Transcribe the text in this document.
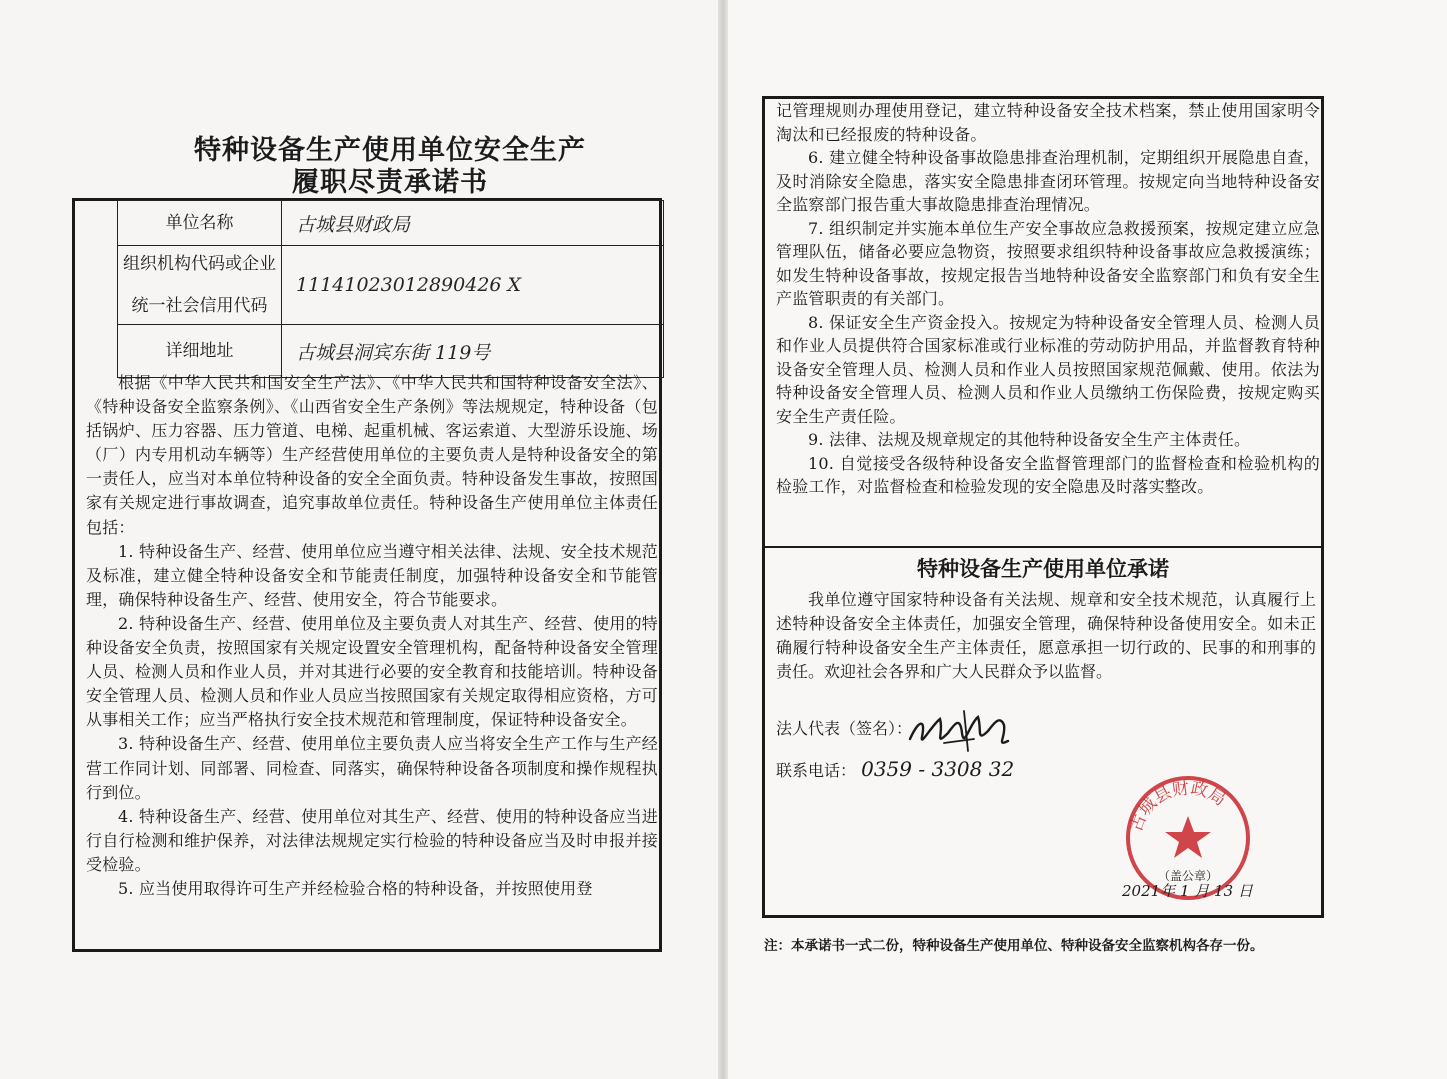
特种设备生产使用单位安全生产
履职尽责承诺书
单位名称	古城县财政局

组织机构代码或企业
统一社会信用代码	11141023012890426 X
详细地址	古城县洞宾东街 119号

根据《中华人民共和国安全生产法》、《中华人民共和国特种设备安全法》、《特种设备安全监察条例》、《山西省安全生产条例》等法规规定，特种设备（包括锅炉、压力容器、压力管道、电梯、起重机械、客运索道、大型游乐设施、场（厂）内专用机动车辆等）生产经营使用单位的主要负责人是特种设备安全的第一责任人，应当对本单位特种设备的安全全面负责。特种设备发生事故，按照国家有关规定进行事故调查，追究事故单位责任。特种设备生产使用单位主体责任包括：

1. 特种设备生产、经营、使用单位应当遵守相关法律、法规、安全技术规范及标准，建立健全特种设备安全和节能责任制度，加强特种设备安全和节能管理，确保特种设备生产、经营、使用安全，符合节能要求。

2. 特种设备生产、经营、使用单位及主要负责人对其生产、经营、使用的特种设备安全负责，按照国家有关规定设置安全管理机构，配备特种设备安全管理人员、检测人员和作业人员，并对其进行必要的安全教育和技能培训。特种设备安全管理人员、检测人员和作业人员应当按照国家有关规定取得相应资格，方可从事相关工作；应当严格执行安全技术规范和管理制度，保证特种设备安全。

3. 特种设备生产、经营、使用单位主要负责人应当将安全生产工作与生产经营工作同计划、同部署、同检查、同落实，确保特种设备各项制度和操作规程执行到位。

4. 特种设备生产、经营、使用单位对其生产、经营、使用的特种设备应当进行自行检测和维护保养，对法律法规规定实行检验的特种设备应当及时申报并接受检验。

5. 应当使用取得许可生产并经检验合格的特种设备，并按照使用登

记管理规则办理使用登记，建立特种设备安全技术档案，禁止使用国家明令淘汰和已经报废的特种设备。

6. 建立健全特种设备事故隐患排查治理机制，定期组织开展隐患自查，及时消除安全隐患，落实安全隐患排查闭环管理。按规定向当地特种设备安全监察部门报告重大事故隐患排查治理情况。

7. 组织制定并实施本单位生产安全事故应急救援预案，按规定建立应急管理队伍，储备必要应急物资，按照要求组织特种设备事故应急救援演练；如发生特种设备事故，按规定报告当地特种设备安全监察部门和负有安全生产监管职责的有关部门。

8. 保证安全生产资金投入。按规定为特种设备安全管理人员、检测人员和作业人员提供符合国家标准或行业标准的劳动防护用品，并监督教育特种设备安全管理人员、检测人员和作业人员按照国家规范佩戴、使用。依法为特种设备安全管理人员、检测人员和作业人员缴纳工伤保险费，按规定购买安全生产责任险。

9. 法律、法规及规章规定的其他特种设备安全生产主体责任。

10. 自觉接受各级特种设备安全监督管理部门的监督检查和检验机构的检验工作，对监督检查和检验发现的安全隐患及时落实整改。

特种设备生产使用单位承诺

我单位遵守国家特种设备有关法规、规章和安全技术规范，认真履行上述特种设备安全主体责任，加强安全管理，确保特种设备使用安全。如未正确履行特种设备安全生产主体责任，愿意承担一切行政的、民事的和刑事的责任。欢迎社会各界和广大人民群众予以监督。

法人代表（签名）：
联系电话： 0359 - 3308 32
古城县财政局
（盖公章）
2021年 1 月 13 日
注：本承诺书一式二份，特种设备生产使用单位、特种设备安全监察机构各存一份。
